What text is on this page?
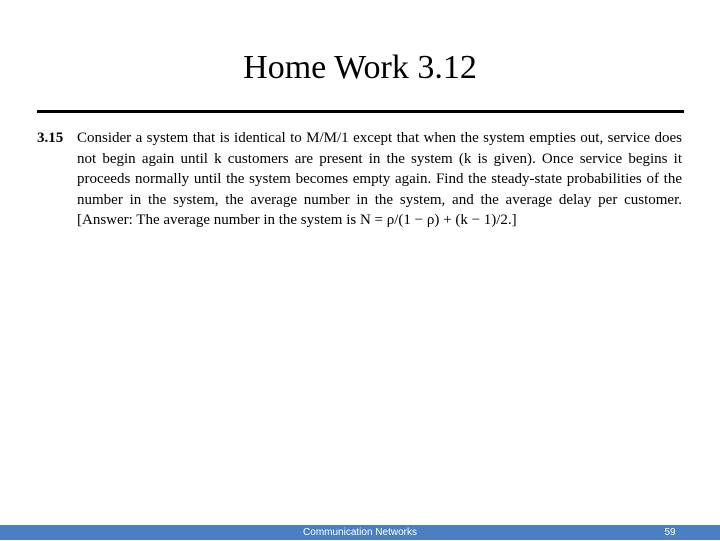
Home Work 3.12
3.15 Consider a system that is identical to M/M/1 except that when the system empties out, service does not begin again until k customers are present in the system (k is given). Once service begins it proceeds normally until the system becomes empty again. Find the steady-state probabilities of the number in the system, the average number in the system, and the average delay per customer. [Answer: The average number in the system is N = ρ/(1 − ρ) + (k − 1)/2.]
Communication Networks	59
